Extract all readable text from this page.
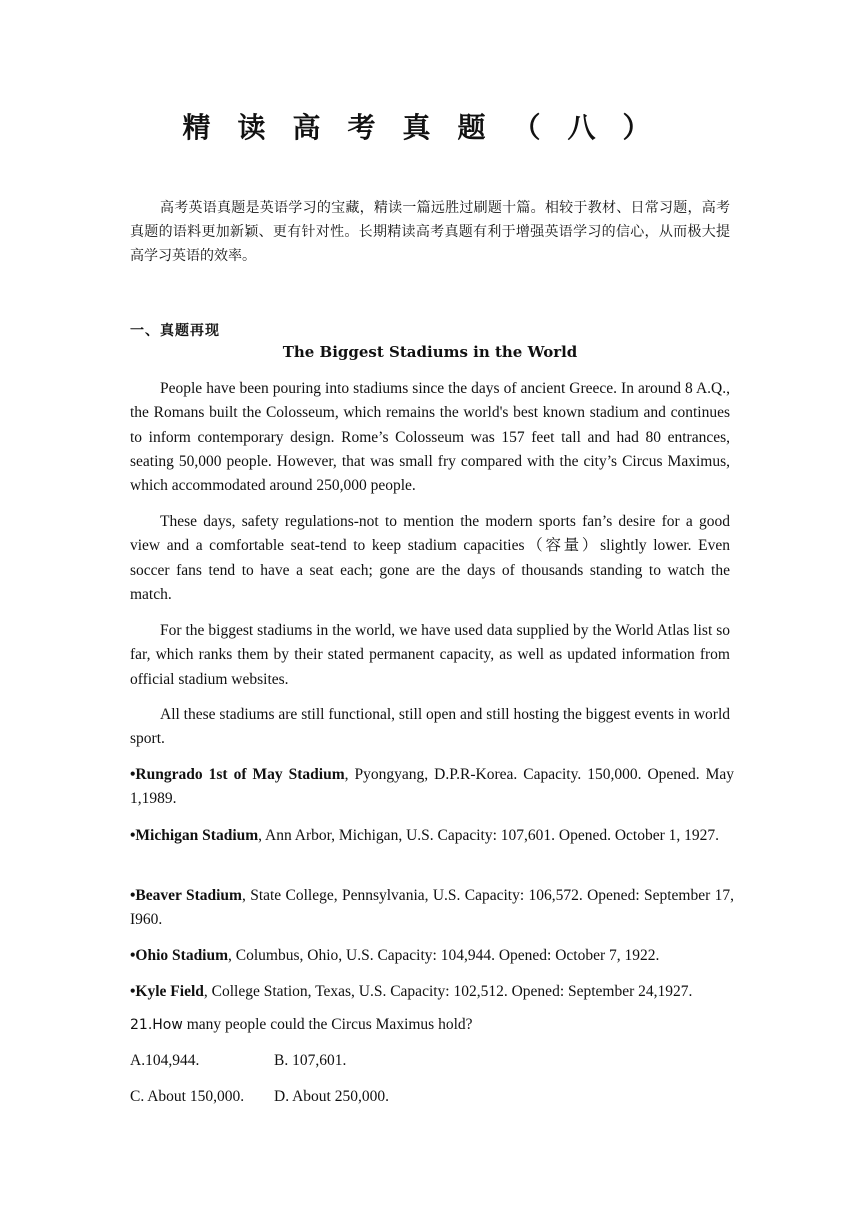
精读高考真题（八）

高考英语真题是英语学习的宝藏，精读一篇远胜过刷题十篇。相较于教材、日常习题，高考真题的语料更加新颖、更有针对性。长期精读高考真题有利于增强英语学习的信心，从而极大提高学习英语的效率。

一、真题再现

The Biggest Stadiums in the World

People have been pouring into stadiums since the days of ancient Greece. In around 8 A.Q., the Romans built the Colosseum, which remains the world's best known stadium and continues to inform contemporary design. Rome’s Colosseum was 157 feet tall and had 80 entrances, seating 50,000 people. However, that was small fry compared with the city’s Circus Maximus, which accommodated around 250,000 people.

These days, safety regulations-not to mention the modern sports fan’s desire for a good view and a comfortable seat-tend to keep stadium capacities（容量）slightly lower. Even soccer fans tend to have a seat each; gone are the days of thousands standing to watch the match.

For the biggest stadiums in the world, we have used data supplied by the World Atlas list so far, which ranks them by their stated permanent capacity, as well as updated information from official stadium websites.

All these stadiums are still functional, still open and still hosting the biggest events in world sport.

•Rungrado 1st of May Stadium, Pyongyang, D.P.R-Korea. Capacity. 150,000. Opened. May 1,1989.

•Michigan Stadium, Ann Arbor, Michigan, U.S. Capacity: 107,601. Opened. October 1, 1927.

•Beaver Stadium, State College, Pennsylvania, U.S. Capacity: 106,572. Opened: September 17, I960.

•Ohio Stadium, Columbus, Ohio, U.S. Capacity: 104,944. Opened: October 7, 1922.

•Kyle Field, College Station, Texas, U.S. Capacity: 102,512. Opened: September 24,1927.

21.How many people could the Circus Maximus hold?

A.104,944.	B. 107,601.

C. About 150,000. D. About 250,000.
